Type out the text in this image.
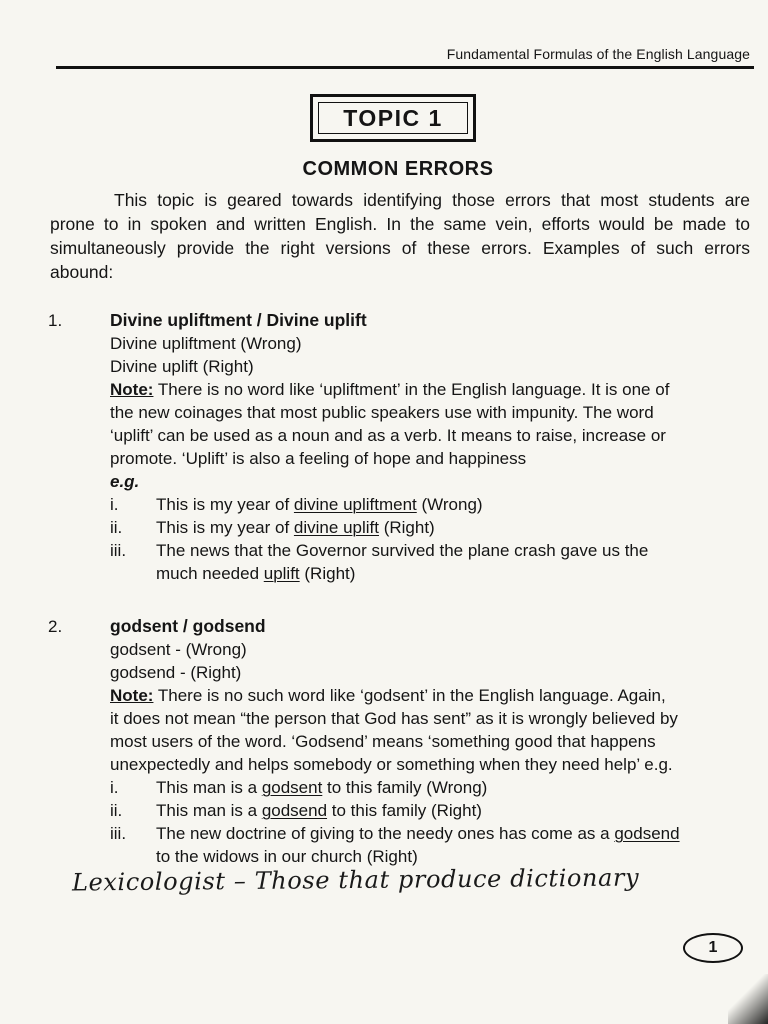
Fundamental Formulas of the English Language
TOPIC 1
COMMON ERRORS
This topic is geared towards identifying those errors that most students are
prone to in spoken and written English. In the same vein, efforts would be made to
simultaneously provide the right versions of these errors. Examples of such errors
abound:
1.	Divine upliftment / Divine uplift
Divine upliftment (Wrong)
Divine uplift (Right)
Note: There is no word like ‘upliftment’ in the English language. It is one of
the new coinages that most public speakers use with impunity. The word
‘uplift’ can be used as a noun and as a verb. It means to raise, increase or
promote. ‘Uplift’ is also a feeling of hope and happiness
e.g.
i. This is my year of divine upliftment (Wrong)
ii. This is my year of divine uplift (Right)
iii. The news that the Governor survived the plane crash gave us the
much needed uplift (Right)
2.	godsent / godsend
godsent - (Wrong)
godsend - (Right)
Note: There is no such word like ‘godsent’ in the English language. Again,
it does not mean “the person that God has sent” as it is wrongly believed by
most users of the word. ‘Godsend’ means ‘something good that happens
unexpectedly and helps somebody or something when they need help’ e.g.
i. This man is a godsent to this family (Wrong)
ii. This man is a godsend to this family (Right)
iii. The new doctrine of giving to the needy ones has come as a godsend
to the widows in our church (Right)
Lexicologist – Those that produce dictionary
1
